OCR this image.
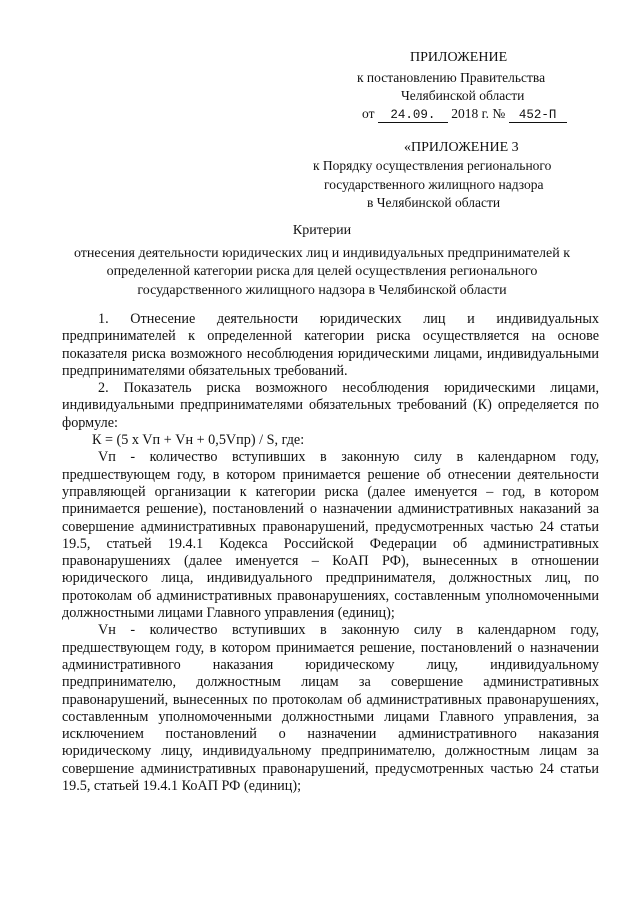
ПРИЛОЖЕНИЕ
к постановлению Правительства
Челябинской области
от 24.09. 2018 г. № 452-П
«ПРИЛОЖЕНИЕ 3
к Порядку осуществления регионального
государственного жилищного надзора
в Челябинской области
Критерии
отнесения деятельности юридических лиц и индивидуальных предпринимателей к определенной категории риска для целей осуществления регионального государственного жилищного надзора в Челябинской области

1. Отнесение деятельности юридических лиц и индивидуальных предпринимателей к определенной категории риска осуществляется на основе показателя риска возможного несоблюдения юридическими лицами, индивидуальными предпринимателями обязательных требований.

2. Показатель риска возможного несоблюдения юридическими лицами, индивидуальными предпринимателями обязательных требований (К) определяется по формуле:

К = (5 x Vп + Vн + 0,5Vпр) / S, где:

Vп - количество вступивших в законную силу в календарном году, предшествующем году, в котором принимается решение об отнесении деятельности управляющей организации к категории риска (далее именуется – год, в котором принимается решение), постановлений о назначении административных наказаний за совершение административных правонарушений, предусмотренных частью 24 статьи 19.5, статьей 19.4.1 Кодекса Российской Федерации об административных правонарушениях (далее именуется – КоАП РФ), вынесенных в отношении юридического лица, индивидуального предпринимателя, должностных лиц, по протоколам об административных правонарушениях, составленным уполномоченными должностными лицами Главного управления (единиц);

Vн - количество вступивших в законную силу в календарном году, предшествующем году, в котором принимается решение, постановлений о назначении административного наказания юридическому лицу, индивидуальному предпринимателю, должностным лицам за совершение административных правонарушений, вынесенных по протоколам об административных правонарушениях, составленным уполномоченными должностными лицами Главного управления, за исключением постановлений о назначении административного наказания юридическому лицу, индивидуальному предпринимателю, должностным лицам за совершение административных правонарушений, предусмотренных частью 24 статьи 19.5, статьей 19.4.1 КоАП РФ (единиц);
